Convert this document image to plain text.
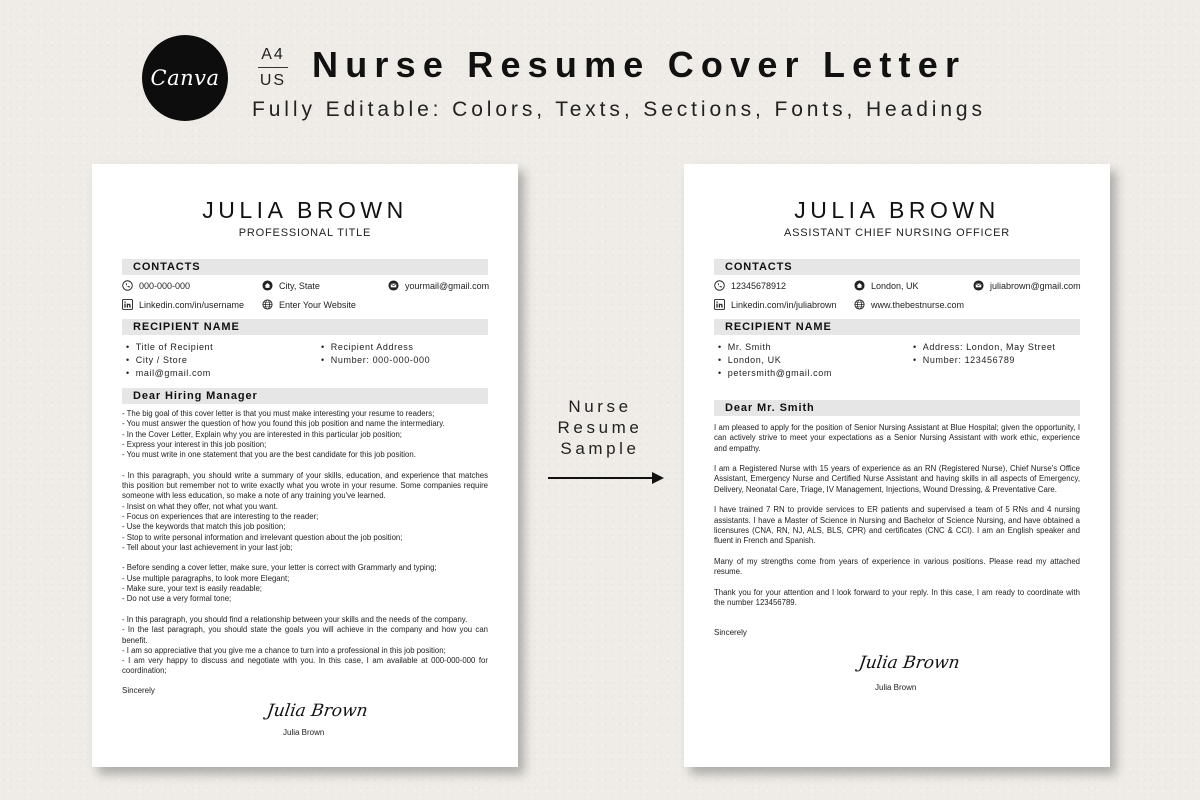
Canva
A4
US Nurse Resume Cover Letter
Fully Editable: Colors, Texts, Sections, Fonts, Headings
JULIA BROWN
PROFESSIONAL TITLE
CONTACTS
000-000-000	City, State	yourmail@gmail.com
Linkedin.com/in/username	Enter Your Website
RECIPIENT NAME
• Title of Recipient
• City / Store
• mail@gmail.com
• Recipient Address
• Number: 000-000-000
Dear Hiring Manager

- The big goal of this cover letter is that you must make interesting your resume to readers;
- You must answer the question of how you found this job position and name the intermediary.
- In the Cover Letter, Explain why you are interested in this particular job position;
- Express your interest in this job position;
- You must write in one statement that you are the best candidate for this job position.

- In this paragraph, you should write a summary of your skills, education, and experience that matches this position but remember not to write exactly what you wrote in your resume. Some companies require someone with less education, so make a note of any training you've learned.
- Insist on what they offer, not what you want.
- Focus on experiences that are interesting to the reader;
- Use the keywords that match this job position;
- Stop to write personal information and irrelevant question about the job position;
- Tell about your last achievement in your last job;

- Before sending a cover letter, make sure, your letter is correct with Grammarly and typing;
- Use multiple paragraphs, to look more Elegant;
- Make sure, your text is easily readable;
- Do not use a very formal tone;

- In this paragraph, you should find a relationship between your skills and the needs of the company.
- In the last paragraph, you should state the goals you will achieve in the company and how you can benefit.
- I am so appreciative that you give me a chance to turn into a professional in this job position;
- I am very happy to discuss and negotiate with you. In this case, I am available at 000-000-000 for coordination;

Sincerely
Julia Brown
Julia Brown
Nurse
Resume
Sample
JULIA BROWN
ASSISTANT CHIEF NURSING OFFICER
CONTACTS
12345678912	London, UK	juliabrown@gmail.com
Linkedin.com/in/juliabrown	www.thebestnurse.com
RECIPIENT NAME
• Mr. Smith
• London, UK
• petersmith@gmail.com
• Address: London, May Street
• Number: 123456789
Dear Mr. Smith

I am pleased to apply for the position of Senior Nursing Assistant at Blue Hospital; given the opportunity, I can actively strive to meet your expectations as a Senior Nursing Assistant with work ethic, experience and empathy.

I am a Registered Nurse with 15 years of experience as an RN (Registered Nurse), Chief Nurse's Office Assistant, Emergency Nurse and Certified Nurse Assistant and having skills in all aspects of Emergency, Delivery, Neonatal Care, Triage, IV Management, Injections, Wound Dressing, & Preventative Care.

I have trained 7 RN to provide services to ER patients and supervised a team of 5 RNs and 4 nursing assistants. I have a Master of Science in Nursing and Bachelor of Science Nursing, and have obtained a licensures (CNA, RN, NJ, ALS, BLS, CPR) and certificates (CNC & CCI). I am an English speaker and fluent in French and Spanish.

Many of my strengths come from years of experience in various positions. Please read my attached resume.

Thank you for your attention and I look forward to your reply. In this case, I am ready to coordinate with the number 123456789.

Sincerely
Julia Brown
Julia Brown
